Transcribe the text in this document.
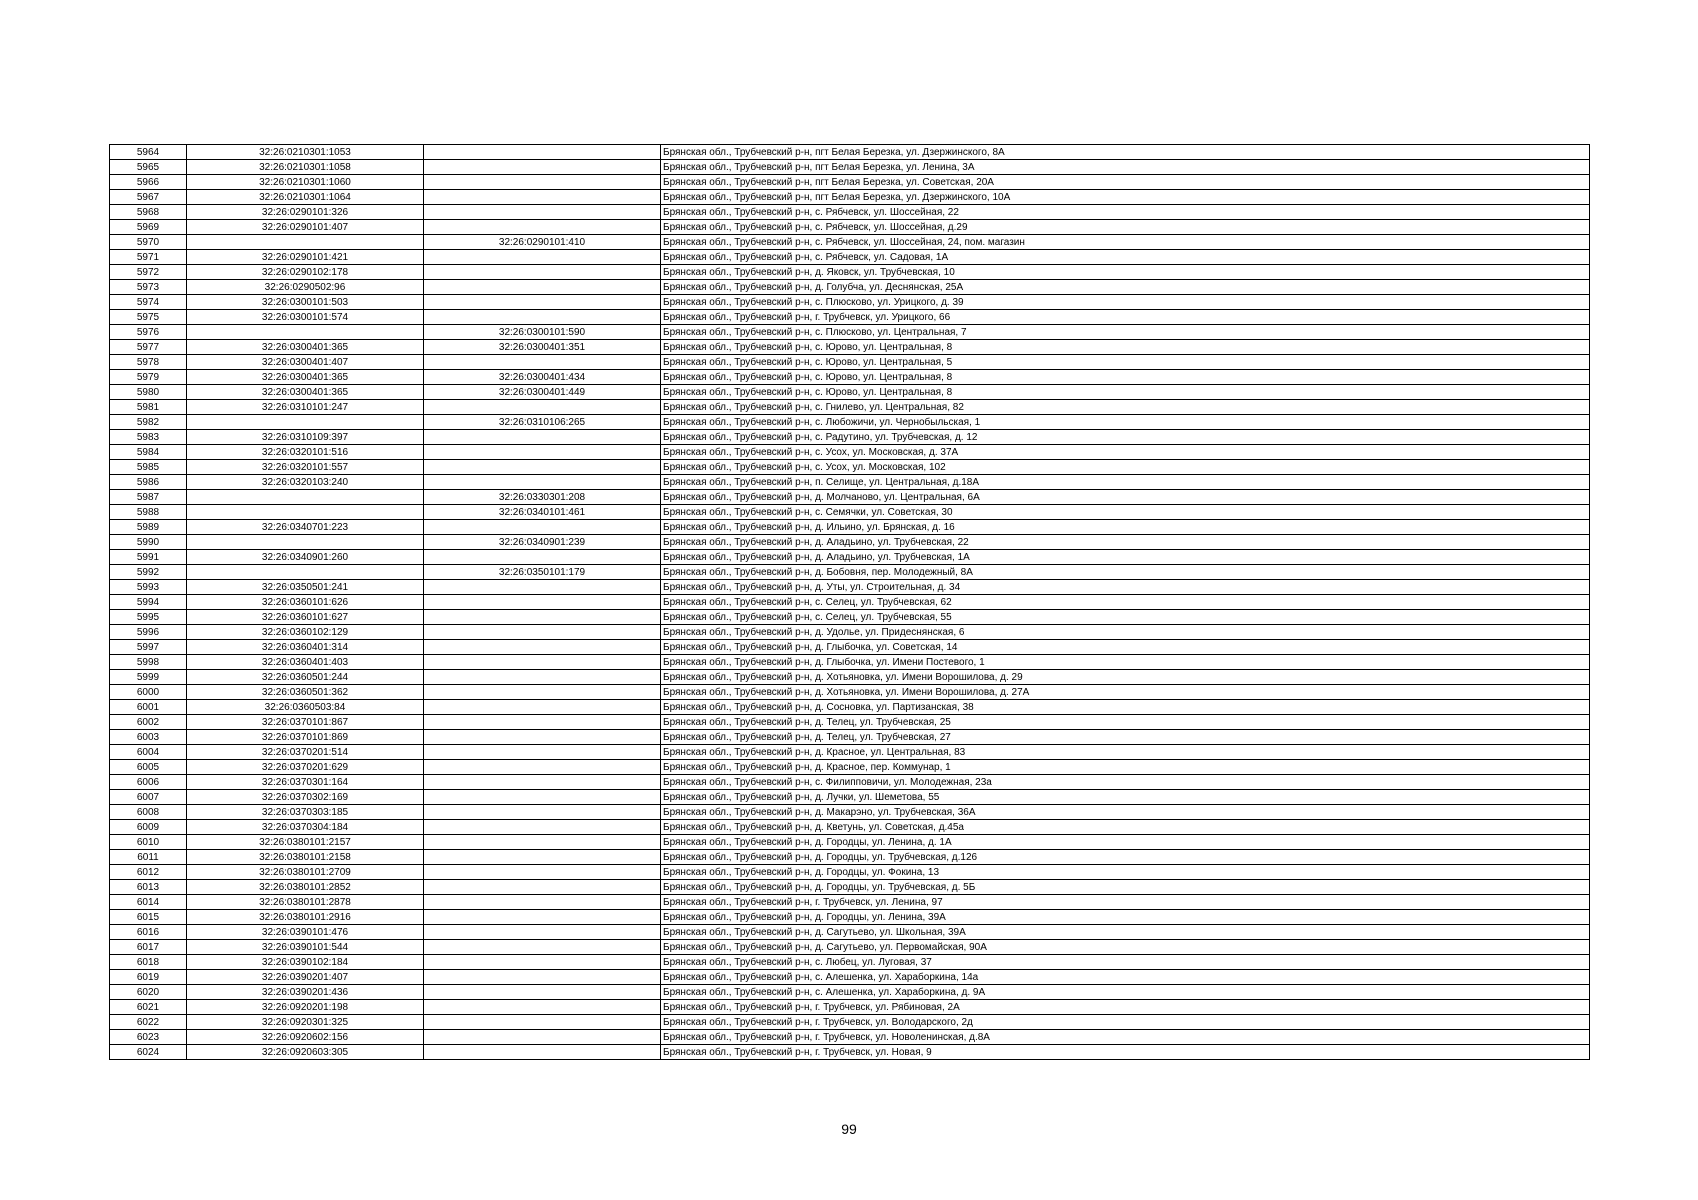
5964	32:26:0210301:1053		Брянская обл., Трубчевский р-н, пгт Белая Березка, ул. Дзержинского, 8А
5965	32:26:0210301:1058		Брянская обл., Трубчевский р-н, пгт Белая Березка, ул. Ленина, 3А
5966	32:26:0210301:1060		Брянская обл., Трубчевский р-н, пгт Белая Березка, ул. Советская, 20А
5967	32:26:0210301:1064		Брянская обл., Трубчевский р-н, пгт Белая Березка, ул. Дзержинского, 10А
5968	32:26:0290101:326		Брянская обл., Трубчевский р-н, с. Рябчевск, ул. Шоссейная, 22
5969	32:26:0290101:407		Брянская обл., Трубчевский р-н, с. Рябчевск, ул. Шоссейная, д.29
5970		32:26:0290101:410	Брянская обл., Трубчевский р-н, с. Рябчевск, ул. Шоссейная, 24, пом. магазин
5971	32:26:0290101:421		Брянская обл., Трубчевский р-н, с. Рябчевск, ул. Садовая, 1А
5972	32:26:0290102:178		Брянская обл., Трубчевский р-н, д. Яковск, ул. Трубчевская, 10
5973	32:26:0290502:96		Брянская обл., Трубчевский р-н, д. Голубча, ул. Деснянская, 25А
5974	32:26:0300101:503		Брянская обл., Трубчевский р-н, с. Плюсково, ул. Урицкого, д. 39
5975	32:26:0300101:574		Брянская обл., Трубчевский р-н, г. Трубчевск, ул. Урицкого, 66
5976		32:26:0300101:590	Брянская обл., Трубчевский р-н, с. Плюсково, ул. Центральная, 7
5977	32:26:0300401:365	32:26:0300401:351	Брянская обл., Трубчевский р-н, с. Юрово, ул. Центральная, 8
5978	32:26:0300401:407		Брянская обл., Трубчевский р-н, с. Юрово, ул. Центральная, 5
5979	32:26:0300401:365	32:26:0300401:434	Брянская обл., Трубчевский р-н, с. Юрово, ул. Центральная, 8
5980	32:26:0300401:365	32:26:0300401:449	Брянская обл., Трубчевский р-н, с. Юрово, ул. Центральная, 8
5981	32:26:0310101:247		Брянская обл., Трубчевский р-н, с. Гнилево, ул. Центральная, 82
5982		32:26:0310106:265	Брянская обл., Трубчевский р-н, с. Любожичи, ул. Чернобыльская, 1
5983	32:26:0310109:397		Брянская обл., Трубчевский р-н, с. Радутино, ул. Трубчевская, д. 12
5984	32:26:0320101:516		Брянская обл., Трубчевский р-н, с. Усох, ул. Московская, д. 37А
5985	32:26:0320101:557		Брянская обл., Трубчевский р-н, с. Усох, ул. Московская, 102
5986	32:26:0320103:240		Брянская обл., Трубчевский р-н, п. Селище, ул. Центральная, д.18А
5987		32:26:0330301:208	Брянская обл., Трубчевский р-н, д. Молчаново, ул. Центральная, 6А
5988		32:26:0340101:461	Брянская обл., Трубчевский р-н, с. Семячки, ул. Советская, 30
5989	32:26:0340701:223		Брянская обл., Трубчевский р-н, д. Ильино, ул. Брянская, д. 16
5990		32:26:0340901:239	Брянская обл., Трубчевский р-н, д. Аладьино, ул. Трубчевская, 22
5991	32:26:0340901:260		Брянская обл., Трубчевский р-н, д. Аладьино, ул. Трубчевская, 1А
5992		32:26:0350101:179	Брянская обл., Трубчевский р-н, д. Бобовня, пер. Молодежный, 8А
5993	32:26:0350501:241		Брянская обл., Трубчевский р-н, д. Уты, ул. Строительная, д. 34
5994	32:26:0360101:626		Брянская обл., Трубчевский р-н, с. Селец, ул. Трубчевская, 62
5995	32:26:0360101:627		Брянская обл., Трубчевский р-н, с. Селец, ул. Трубчевская, 55
5996	32:26:0360102:129		Брянская обл., Трубчевский р-н, д. Удолье, ул. Придеснянская, 6
5997	32:26:0360401:314		Брянская обл., Трубчевский р-н, д. Глыбочка, ул. Советская, 14
5998	32:26:0360401:403		Брянская обл., Трубчевский р-н, д. Глыбочка, ул. Имени Постевого, 1
5999	32:26:0360501:244		Брянская обл., Трубчевский р-н, д. Хотьяновка, ул. Имени Ворошилова, д. 29
6000	32:26:0360501:362		Брянская обл., Трубчевский р-н, д. Хотьяновка, ул. Имени Ворошилова, д. 27А
6001	32:26:0360503:84		Брянская обл., Трубчевский р-н, д. Сосновка, ул. Партизанская, 38
6002	32:26:0370101:867		Брянская обл., Трубчевский р-н, д. Телец, ул. Трубчевская, 25
6003	32:26:0370101:869		Брянская обл., Трубчевский р-н, д. Телец, ул. Трубчевская, 27
6004	32:26:0370201:514		Брянская обл., Трубчевский р-н, д. Красное, ул. Центральная, 83
6005	32:26:0370201:629		Брянская обл., Трубчевский р-н, д. Красное, пер. Коммунар, 1
6006	32:26:0370301:164		Брянская обл., Трубчевский р-н, с. Филипповичи, ул. Молодежная, 23а
6007	32:26:0370302:169		Брянская обл., Трубчевский р-н, д. Лучки, ул. Шеметова, 55
6008	32:26:0370303:185		Брянская обл., Трубчевский р-н, д. Макарэно, ул. Трубчевская, 36А
6009	32:26:0370304:184		Брянская обл., Трубчевский р-н, д. Кветунь, ул. Советская, д.45а
6010	32:26:0380101:2157		Брянская обл., Трубчевский р-н, д. Городцы, ул. Ленина, д. 1А
6011	32:26:0380101:2158		Брянская обл., Трубчевский р-н, д. Городцы, ул. Трубчевская, д.126
6012	32:26:0380101:2709		Брянская обл., Трубчевский р-н, д. Городцы, ул. Фокина, 13
6013	32:26:0380101:2852		Брянская обл., Трубчевский р-н, д. Городцы, ул. Трубчевская, д. 5Б
6014	32:26:0380101:2878		Брянская обл., Трубчевский р-н, г. Трубчевск, ул. Ленина, 97
6015	32:26:0380101:2916		Брянская обл., Трубчевский р-н, д. Городцы, ул. Ленина, 39А
6016	32:26:0390101:476		Брянская обл., Трубчевский р-н, д. Сагутьево, ул. Школьная, 39А
6017	32:26:0390101:544		Брянская обл., Трубчевский р-н, д. Сагутьево, ул. Первомайская, 90А
6018	32:26:0390102:184		Брянская обл., Трубчевский р-н, с. Любец, ул. Луговая, 37
6019	32:26:0390201:407		Брянская обл., Трубчевский р-н, с. Алешенка, ул. Хараборкина, 14а
6020	32:26:0390201:436		Брянская обл., Трубчевский р-н, с. Алешенка, ул. Хараборкина, д. 9А
6021	32:26:0920201:198		Брянская обл., Трубчевский р-н, г. Трубчевск, ул. Рябиновая, 2А
6022	32:26:0920301:325		Брянская обл., Трубчевский р-н, г. Трубчевск, ул. Володарского, 2д
6023	32:26:0920602:156		Брянская обл., Трубчевский р-н, г. Трубчевск, ул. Новоленинская, д.8А
6024	32:26:0920603:305		Брянская обл., Трубчевский р-н, г. Трубчевск, ул. Новая, 9
99
